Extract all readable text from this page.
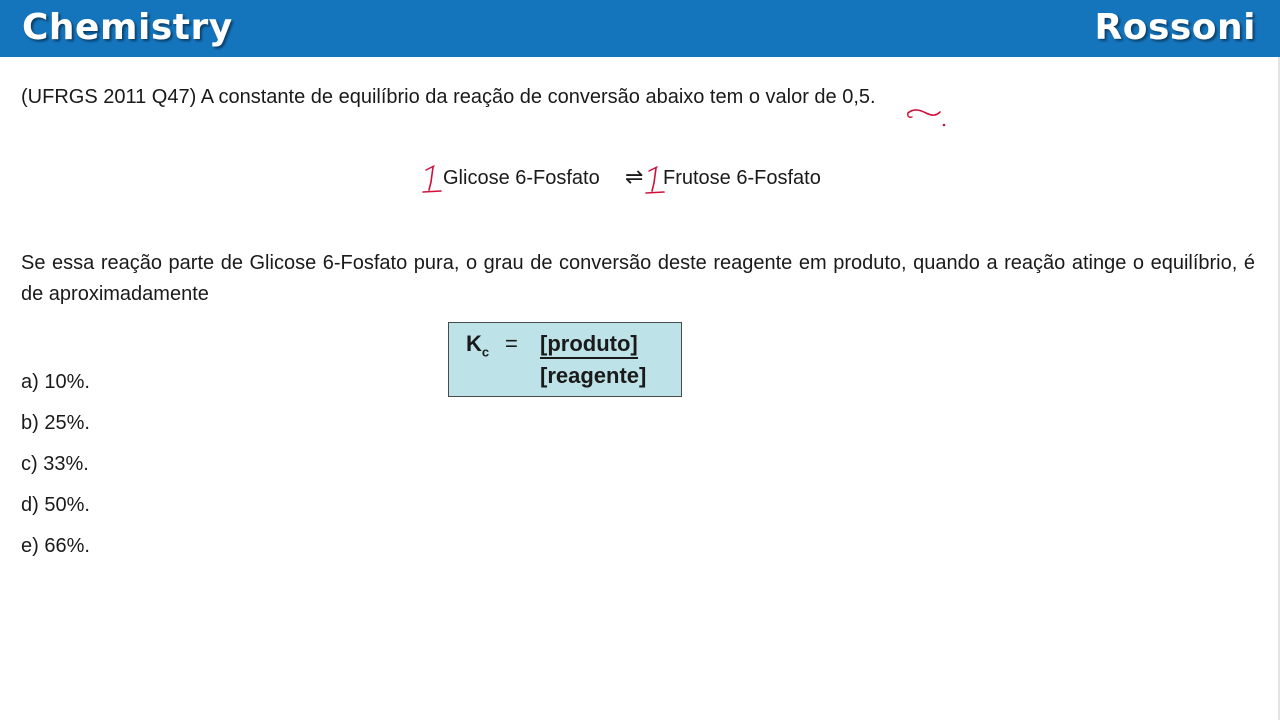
Chemistry	Rossoni
(UFRGS 2011 Q47) A constante de equilíbrio da reação de conversão abaixo tem o valor de 0,5.
Glicose 6-Fosfato ⇌ Frutose 6-Fosfato
Se essa reação parte de Glicose 6-Fosfato pura, o grau de conversão deste reagente em produto, quando a reação atinge o equilíbrio, é de aproximadamente
$K_c$ = [produto]
[reagente]
a) 10%.
b) 25%.
c) 33%.
d) 50%.
e) 66%.
